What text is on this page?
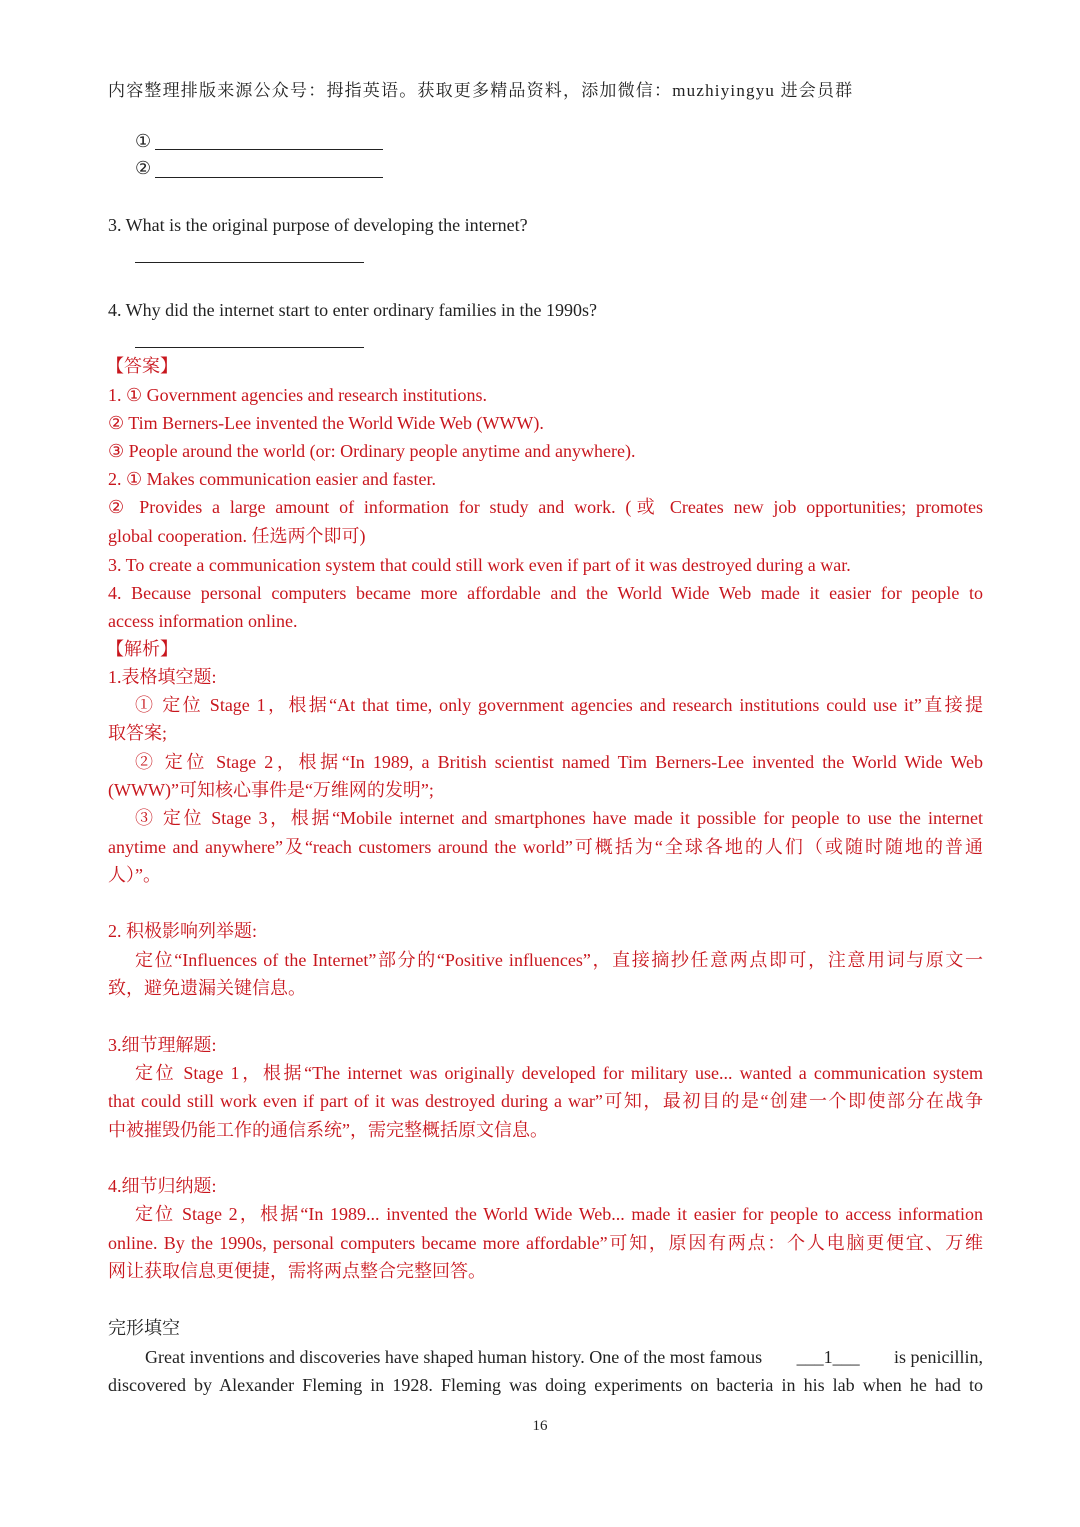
内容整理排版来源公众号：拇指英语。获取更多精品资料，添加微信：muzhiyingyu 进会员群
①
②
3. What is the original purpose of developing the internet?
4. Why did the internet start to enter ordinary families in the 1990s?
【答案】
1. ① Government agencies and research institutions.
② Tim Berners-Lee invented the World Wide Web (WWW).
③ People around the world (or: Ordinary people anytime and anywhere).
2. ① Makes communication easier and faster.
② Provides a large amount of information for study and work. (或 Creates new job opportunities; promotes
global cooperation. 任选两个即可)
3. To create a communication system that could still work even if part of it was destroyed during a war.
4. Because personal computers became more affordable and the World Wide Web made it easier for people to
access information online.
【解析】
1.表格填空题:
① 定位 Stage 1，根据“At that time, only government agencies and research institutions could use it”直接提
取答案;
② 定位 Stage 2，根据“In 1989, a British scientist named Tim Berners-Lee invented the World Wide Web
(WWW)”可知核心事件是“万维网的发明”;
③ 定位 Stage 3，根据“Mobile internet and smartphones have made it possible for people to use the internet
anytime and anywhere”及“reach customers around the world”可概括为“全球各地的人们（或随时随地的普通
人）”。
2. 积极影响列举题:
定位“Influences of the Internet”部分的“Positive influences”，直接摘抄任意两点即可，注意用词与原文一
致，避免遗漏关键信息。
3.细节理解题:
定位 Stage 1，根据“The internet was originally developed for military use... wanted a communication system
that could still work even if part of it was destroyed during a war”可知，最初目的是“创建一个即使部分在战争
中被摧毁仍能工作的通信系统”，需完整概括原文信息。
4.细节归纳题:
定位 Stage 2，根据“In 1989... invented the World Wide Web... made it easier for people to access information
online. By the 1990s, personal computers became more affordable”可知，原因有两点：个人电脑更便宜、万维
网让获取信息更便捷，需将两点整合完整回答。
完形填空
Great inventions and discoveries have shaped human history. One of the most famous ___1___ is penicillin,
discovered by Alexander Fleming in 1928. Fleming was doing experiments on bacteria in his lab when he had to
16
